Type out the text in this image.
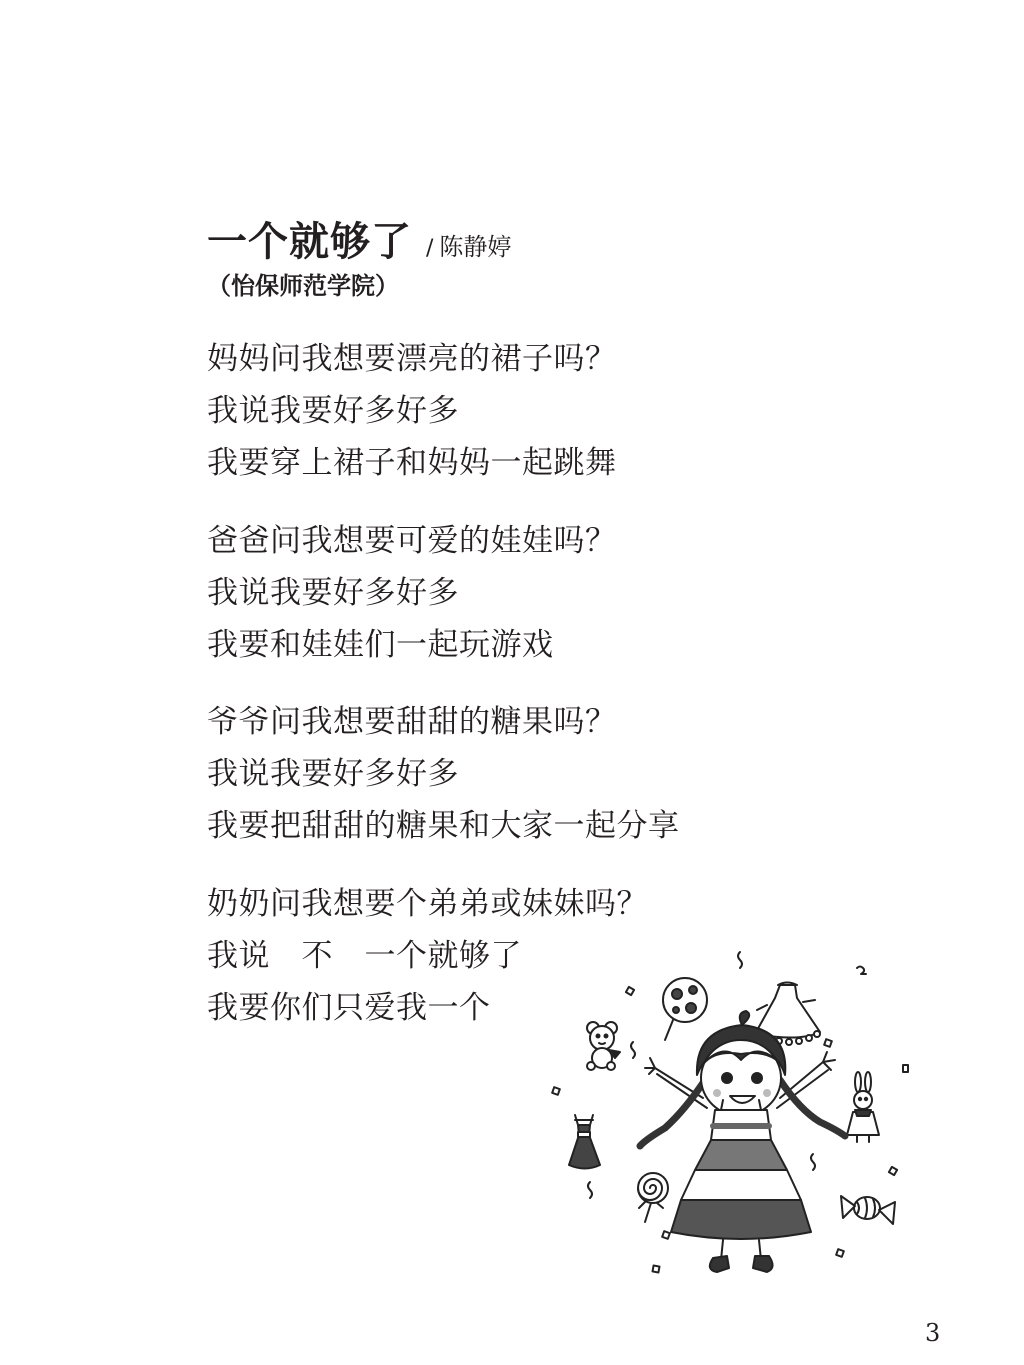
一个就够了 / 陈静婷
（怡保师范学院）
妈妈问我想要漂亮的裙子吗？
我说我要好多好多
我要穿上裙子和妈妈一起跳舞
爸爸问我想要可爱的娃娃吗？
我说我要好多好多
我要和娃娃们一起玩游戏
爷爷问我想要甜甜的糖果吗？
我说我要好多好多
我要把甜甜的糖果和大家一起分享
奶奶问我想要个弟弟或妹妹吗？
我说　不　一个就够了
我要你们只爱我一个
3
